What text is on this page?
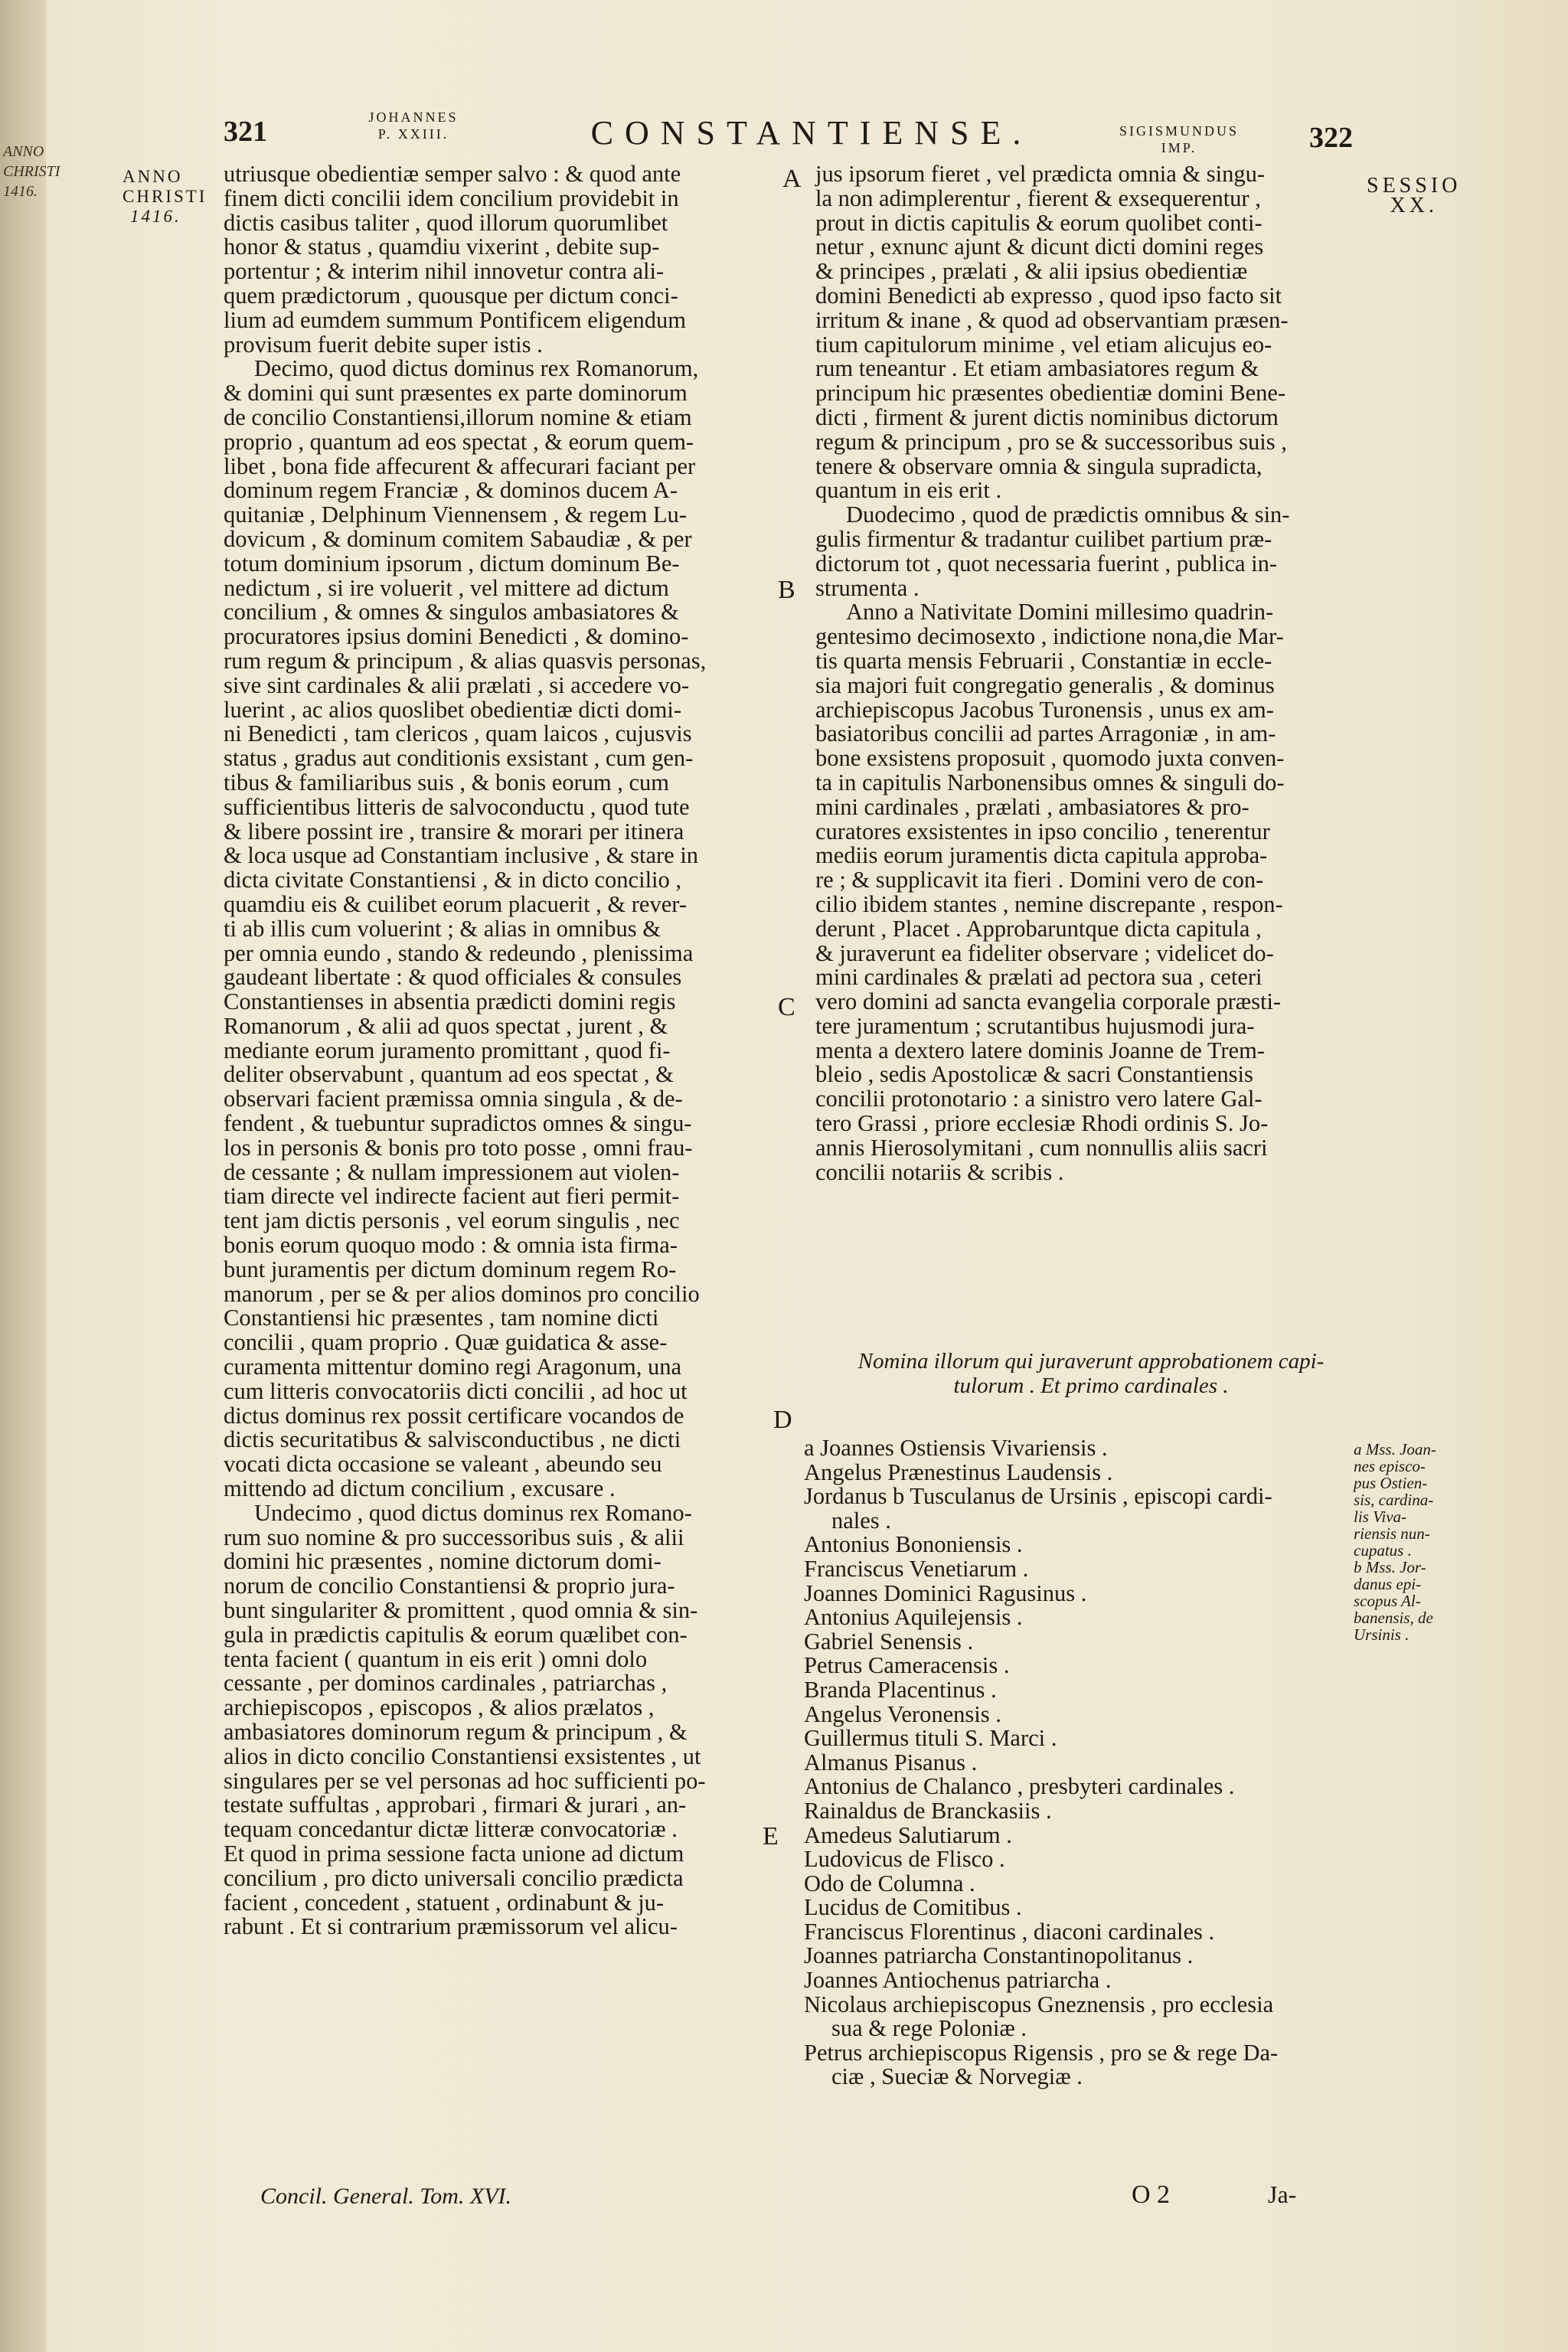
ANNO
CHRISTI
1416.
321	JOHANNES
P. XXIII.	CONSTANTIENSE.	SIGISMUNDUS
IMP.	322
ANNO
CHRISTI
1416.
SESSIO
XX.
A
B
C
D
E

utriusque obedientiæ semper salvo : & quod ante

finem dicti concilii idem concilium providebit in

dictis casibus taliter , quod illorum quorumlibet

honor & status , quamdiu vixerint , debite sup-

portentur ; & interim nihil innovetur contra ali-

quem prædictorum , quousque per dictum conci-

lium ad eumdem summum Pontificem eligendum

provisum fuerit debite super istis .

Decimo, quod dictus dominus rex Romanorum,

& domini qui sunt præsentes ex parte dominorum

de concilio Constantiensi,illorum nomine & etiam

proprio , quantum ad eos spectat , & eorum quem-

libet , bona fide affecurent & affecurari faciant per

dominum regem Franciæ , & dominos ducem A-

quitaniæ , Delphinum Viennensem , & regem Lu-

dovicum , & dominum comitem Sabaudiæ , & per

totum dominium ipsorum , dictum dominum Be-

nedictum , si ire voluerit , vel mittere ad dictum

concilium , & omnes & singulos ambasiatores &

procuratores ipsius domini Benedicti , & domino-

rum regum & principum , & alias quasvis personas,

sive sint cardinales & alii prælati , si accedere vo-

luerint , ac alios quoslibet obedientiæ dicti domi-

ni Benedicti , tam clericos , quam laicos , cujusvis

status , gradus aut conditionis exsistant , cum gen-

tibus & familiaribus suis , & bonis eorum , cum

sufficientibus litteris de salvoconductu , quod tute

& libere possint ire , transire & morari per itinera

& loca usque ad Constantiam inclusive , & stare in

dicta civitate Constantiensi , & in dicto concilio ,

quamdiu eis & cuilibet eorum placuerit , & rever-

ti ab illis cum voluerint ; & alias in omnibus &

per omnia eundo , stando & redeundo , plenissima

gaudeant libertate : & quod officiales & consules

Constantienses in absentia prædicti domini regis

Romanorum , & alii ad quos spectat , jurent , &

mediante eorum juramento promittant , quod fi-

deliter observabunt , quantum ad eos spectat , &

observari facient præmissa omnia singula , & de-

fendent , & tuebuntur supradictos omnes & singu-

los in personis & bonis pro toto posse , omni frau-

de cessante ; & nullam impressionem aut violen-

tiam directe vel indirecte facient aut fieri permit-

tent jam dictis personis , vel eorum singulis , nec

bonis eorum quoquo modo : & omnia ista firma-

bunt juramentis per dictum dominum regem Ro-

manorum , per se & per alios dominos pro concilio

Constantiensi hic præsentes , tam nomine dicti

concilii , quam proprio . Quæ guidatica & asse-

curamenta mittentur domino regi Aragonum, una

cum litteris convocatoriis dicti concilii , ad hoc ut

dictus dominus rex possit certificare vocandos de

dictis securitatibus & salvisconductibus , ne dicti

vocati dicta occasione se valeant , abeundo seu

mittendo ad dictum concilium , excusare .

Undecimo , quod dictus dominus rex Romano-

rum suo nomine & pro successoribus suis , & alii

domini hic præsentes , nomine dictorum domi-

norum de concilio Constantiensi & proprio jura-

bunt singulariter & promittent , quod omnia & sin-

gula in prædictis capitulis & eorum quælibet con-

tenta facient ( quantum in eis erit ) omni dolo

cessante , per dominos cardinales , patriarchas ,

archiepiscopos , episcopos , & alios prælatos ,

ambasiatores dominorum regum & principum , &

alios in dicto concilio Constantiensi exsistentes , ut

singulares per se vel personas ad hoc sufficienti po-

testate suffultas , approbari , firmari & jurari , an-

tequam concedantur dictæ litteræ convocatoriæ .

Et quod in prima sessione facta unione ad dictum

concilium , pro dicto universali concilio prædicta

facient , concedent , statuent , ordinabunt & ju-

rabunt . Et si contrarium præmissorum vel alicu-

jus ipsorum fieret , vel prædicta omnia & singu-

la non adimplerentur , fierent & exsequerentur ,

prout in dictis capitulis & eorum quolibet conti-

netur , exnunc ajunt & dicunt dicti domini reges

& principes , prælati , & alii ipsius obedientiæ

domini Benedicti ab expresso , quod ipso facto sit

irritum & inane , & quod ad observantiam præsen-

tium capitulorum minime , vel etiam alicujus eo-

rum teneantur . Et etiam ambasiatores regum &

principum hic præsentes obedientiæ domini Bene-

dicti , firment & jurent dictis nominibus dictorum

regum & principum , pro se & successoribus suis ,

tenere & observare omnia & singula supradicta,

quantum in eis erit .

Duodecimo , quod de prædictis omnibus & sin-

gulis firmentur & tradantur cuilibet partium præ-

dictorum tot , quot necessaria fuerint , publica in-

strumenta .

Anno a Nativitate Domini millesimo quadrin-

gentesimo decimosexto , indictione nona,die Mar-

tis quarta mensis Februarii , Constantiæ in eccle-

sia majori fuit congregatio generalis , & dominus

archiepiscopus Jacobus Turonensis , unus ex am-

basiatoribus concilii ad partes Arragoniæ , in am-

bone exsistens proposuit , quomodo juxta conven-

ta in capitulis Narbonensibus omnes & singuli do-

mini cardinales , prælati , ambasiatores & pro-

curatores exsistentes in ipso concilio , tenerentur

mediis eorum juramentis dicta capitula approba-

re ; & supplicavit ita fieri . Domini vero de con-

cilio ibidem stantes , nemine discrepante , respon-

derunt , Placet . Approbaruntque dicta capitula ,

& juraverunt ea fideliter observare ; videlicet do-

mini cardinales & prælati ad pectora sua , ceteri

vero domini ad sancta evangelia corporale præsti-

tere juramentum ; scrutantibus hujusmodi jura-

menta a dextero latere dominis Joanne de Trem-

bleio , sedis Apostolicæ & sacri Constantiensis

concilii protonotario : a sinistro vero latere Gal-

tero Grassi , priore ecclesiæ Rhodi ordinis S. Jo-

annis Hierosolymitani , cum nonnullis aliis sacri

concilii notariis & scribis .

Nomina illorum qui juraverunt approbationem capi-
tulorum . Et primo cardinales .

a Joannes Ostiensis Vivariensis .

Angelus Prænestinus Laudensis .

Jordanus b Tusculanus de Ursinis , episcopi cardi-

nales .

Antonius Bononiensis .

Franciscus Venetiarum .

Joannes Dominici Ragusinus .

Antonius Aquilejensis .

Gabriel Senensis .

Petrus Cameracensis .

Branda Placentinus .

Angelus Veronensis .

Guillermus tituli S. Marci .

Almanus Pisanus .

Antonius de Chalanco , presbyteri cardinales .

Rainaldus de Branckasiis .

Amedeus Salutiarum .

Ludovicus de Flisco .

Odo de Columna .

Lucidus de Comitibus .

Franciscus Florentinus , diaconi cardinales .

Joannes patriarcha Constantinopolitanus .

Joannes Antiochenus patriarcha .

Nicolaus archiepiscopus Gneznensis , pro ecclesia

sua & rege Poloniæ .

Petrus archiepiscopus Rigensis , pro se & rege Da-

ciæ , Sueciæ & Norvegiæ .

a Mss. Joan-
nes episco-
pus Ostien-
sis, cardina-
lis Viva-
riensis nun-
cupatus .
b Mss. Jor-
danus epi-
scopus Al-
banensis, de
Ursinis .
Concil. General. Tom. XVI.	O 2	Ja-
